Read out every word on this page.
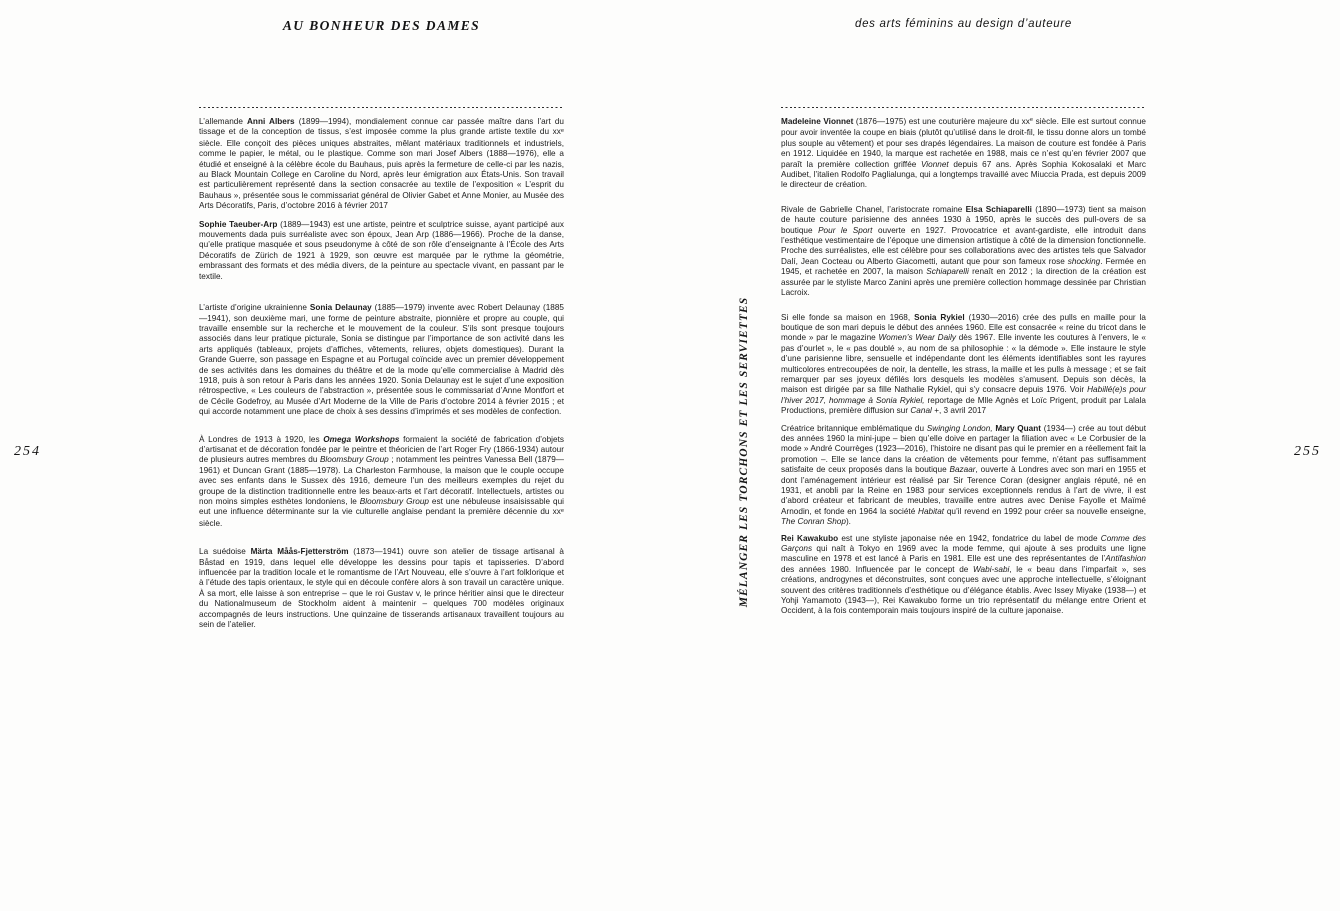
AU BONHEUR DES DAMES
254

L’allemande Anni Albers (1899—1994), mondialement connue car passée maître dans l’art du tissage et de la conception de tissus, s’est imposée comme la plus grande artiste textile du $xx^e$ siècle. Elle conçoit des pièces uniques abstraites, mêlant matériaux traditionnels et industriels, comme le papier, le métal, ou le plastique. Comme son mari Josef Albers (1888—1976), elle a étudié et enseigné à la célèbre école du Bauhaus, puis après la fermeture de celle-ci par les nazis, au Black Mountain College en Caroline du Nord, après leur émigration aux États-Unis. Son travail est particulièrement représenté dans la section consacrée au textile de l’exposition « L’esprit du Bauhaus », présentée sous le commissariat général de Olivier Gabet et Anne Monier, au Musée des Arts Décoratifs, Paris, d’octobre 2016 à février 2017

Sophie Taeuber-Arp (1889—1943) est une artiste, peintre et sculptrice suisse, ayant participé aux mouvements dada puis surréaliste avec son époux, Jean Arp (1886—1966). Proche de la danse, qu’elle pratique masquée et sous pseudonyme à côté de son rôle d’enseignante à l’École des Arts Décoratifs de Zürich de 1921 à 1929, son œuvre est marquée par le rythme la géométrie, embrassant des formats et des média divers, de la peinture au spectacle vivant, en passant par le textile.

L’artiste d’origine ukrainienne Sonia Delaunay (1885—1979) invente avec Robert Delaunay (1885—1941), son deuxième mari, une forme de peinture abstraite, pionnière et propre au couple, qui travaille ensemble sur la recherche et le mouvement de la couleur. S’ils sont presque toujours associés dans leur pratique picturale, Sonia se distingue par l’importance de son activité dans les arts appliqués (tableaux, projets d’affiches, vêtements, reliures, objets domestiques). Durant la Grande Guerre, son passage en Espagne et au Portugal coïncide avec un premier développement de ses activités dans les domaines du théâtre et de la mode qu’elle commercialise à Madrid dès 1918, puis à son retour à Paris dans les années 1920. Sonia Delaunay est le sujet d’une exposition rétrospective, « Les couleurs de l’abstraction », présentée sous le commissariat d’Anne Montfort et de Cécile Godefroy, au Musée d’Art Moderne de la Ville de Paris d’octobre 2014 à février 2015 ; et qui accorde notamment une place de choix à ses dessins d’imprimés et ses modèles de confection.

À Londres de 1913 à 1920, les Omega Workshops formaient la société de fabrication d’objets d’artisanat et de décoration fondée par le peintre et théoricien de l’art Roger Fry (1866-1934) autour de plusieurs autres membres du Bloomsbury Group ; notamment les peintres Vanessa Bell (1879—1961) et Duncan Grant (1885—1978). La Charleston Farmhouse, la maison que le couple occupe avec ses enfants dans le Sussex dès 1916, demeure l’un des meilleurs exemples du rejet du groupe de la distinction traditionnelle entre les beaux-arts et l’art décoratif. Intellectuels, artistes ou non moins simples esthètes londoniens, le Bloomsbury Group est une nébuleuse insaisissable qui eut une influence déterminante sur la vie culturelle anglaise pendant la première décennie du $xx^e$ siècle.

La suédoise Märta Måås-Fjetterström (1873—1941) ouvre son atelier de tissage artisanal à Båstad en 1919, dans lequel elle développe les dessins pour tapis et tapisseries. D’abord influencée par la tradition locale et le romantisme de l’Art Nouveau, elle s’ouvre à l’art folklorique et à l’étude des tapis orientaux, le style qui en découle confère alors à son travail un caractère unique. À sa mort, elle laisse à son entreprise – que le roi Gustav v, le prince héritier ainsi que le directeur du Nationalmuseum de Stockholm aident à maintenir – quelques 700 modèles originaux accompagnés de leurs instructions. Une quinzaine de tisserands artisanaux travaillent toujours au sein de l’atelier.

MÉLANGER LES TORCHONS ET LES SERVIETTES
des arts féminins au design d’auteure
255

Madeleine Vionnet (1876—1975) est une couturière majeure du $xx^e$ siècle. Elle est surtout connue pour avoir inventée la coupe en biais (plutôt qu’utilisé dans le droit-fil, le tissu donne alors un tombé plus souple au vêtement) et pour ses drapés légendaires. La maison de couture est fondée à Paris en 1912. Liquidée en 1940, la marque est rachetée en 1988, mais ce n’est qu’en février 2007 que paraît la première collection griffée Vionnet depuis 67 ans. Après Sophia Kokosalaki et Marc Audibet, l’italien Rodolfo Paglialunga, qui a longtemps travaillé avec Miuccia Prada, est depuis 2009 le directeur de création.

Rivale de Gabrielle Chanel, l’aristocrate romaine Elsa Schiaparelli (1890—1973) tient sa maison de haute couture parisienne des années 1930 à 1950, après le succès des pull-overs de sa boutique Pour le Sport ouverte en 1927. Provocatrice et avant-gardiste, elle introduit dans l’esthétique vestimentaire de l’époque une dimension artistique à côté de la dimension fonctionnelle. Proche des surréalistes, elle est célèbre pour ses collaborations avec des artistes tels que Salvador Dalí, Jean Cocteau ou Alberto Giacometti, autant que pour son fameux rose shocking. Fermée en 1945, et rachetée en 2007, la maison Schiaparelli renaît en 2012 ; la direction de la création est assurée par le styliste Marco Zanini après une première collection hommage dessinée par Christian Lacroix.

Si elle fonde sa maison en 1968, Sonia Rykiel (1930—2016) crée des pulls en maille pour la boutique de son mari depuis le début des années 1960. Elle est consacrée « reine du tricot dans le monde » par le magazine Women’s Wear Daily dès 1967. Elle invente les coutures à l’envers, le « pas d’ourlet », le « pas doublé », au nom de sa philosophie : « la démode ». Elle instaure le style d’une parisienne libre, sensuelle et indépendante dont les éléments identifiables sont les rayures multicolores entrecoupées de noir, la dentelle, les strass, la maille et les pulls à message ; et se fait remarquer par ses joyeux défilés lors desquels les modèles s’amusent. Depuis son décès, la maison est dirigée par sa fille Nathalie Rykiel, qui s’y consacre depuis 1976. Voir Habillé(e)s pour l’hiver 2017, hommage à Sonia Rykiel, reportage de Mlle Agnès et Loïc Prigent, produit par Lalala Productions, première diffusion sur Canal +, 3 avril 2017

Créatrice britannique emblématique du Swinging London, Mary Quant (1934—) crée au tout début des années 1960 la mini-jupe – bien qu’elle doive en partager la filiation avec « Le Corbusier de la mode » André Courrèges (1923—2016), l’histoire ne disant pas qui le premier en a réellement fait la promotion –. Elle se lance dans la création de vêtements pour femme, n’étant pas suffisamment satisfaite de ceux proposés dans la boutique Bazaar, ouverte à Londres avec son mari en 1955 et dont l’aménagement intérieur est réalisé par Sir Terence Coran (designer anglais réputé, né en 1931, et anobli par la Reine en 1983 pour services exceptionnels rendus à l’art de vivre, il est d’abord créateur et fabricant de meubles, travaille entre autres avec Denise Fayolle et Maïmé Arnodin, et fonde en 1964 la société Habitat qu’il revend en 1992 pour créer sa nouvelle enseigne, The Conran Shop).

Rei Kawakubo est une styliste japonaise née en 1942, fondatrice du label de mode Comme des Garçons qui naît à Tokyo en 1969 avec la mode femme, qui ajoute à ses produits une ligne masculine en 1978 et est lancé à Paris en 1981. Elle est une des représentantes de l’Antifashion des années 1980. Influencée par le concept de Wabi-sabi, le « beau dans l’imparfait », ses créations, androgynes et déconstruites, sont conçues avec une approche intellectuelle, s’éloignant souvent des critères traditionnels d’esthétique ou d’élégance établis. Avec Issey Miyake (1938—) et Yohji Yamamoto (1943—), Rei Kawakubo forme un trio représentatif du mélange entre Orient et Occident, à la fois contemporain mais toujours inspiré de la culture japonaise.
